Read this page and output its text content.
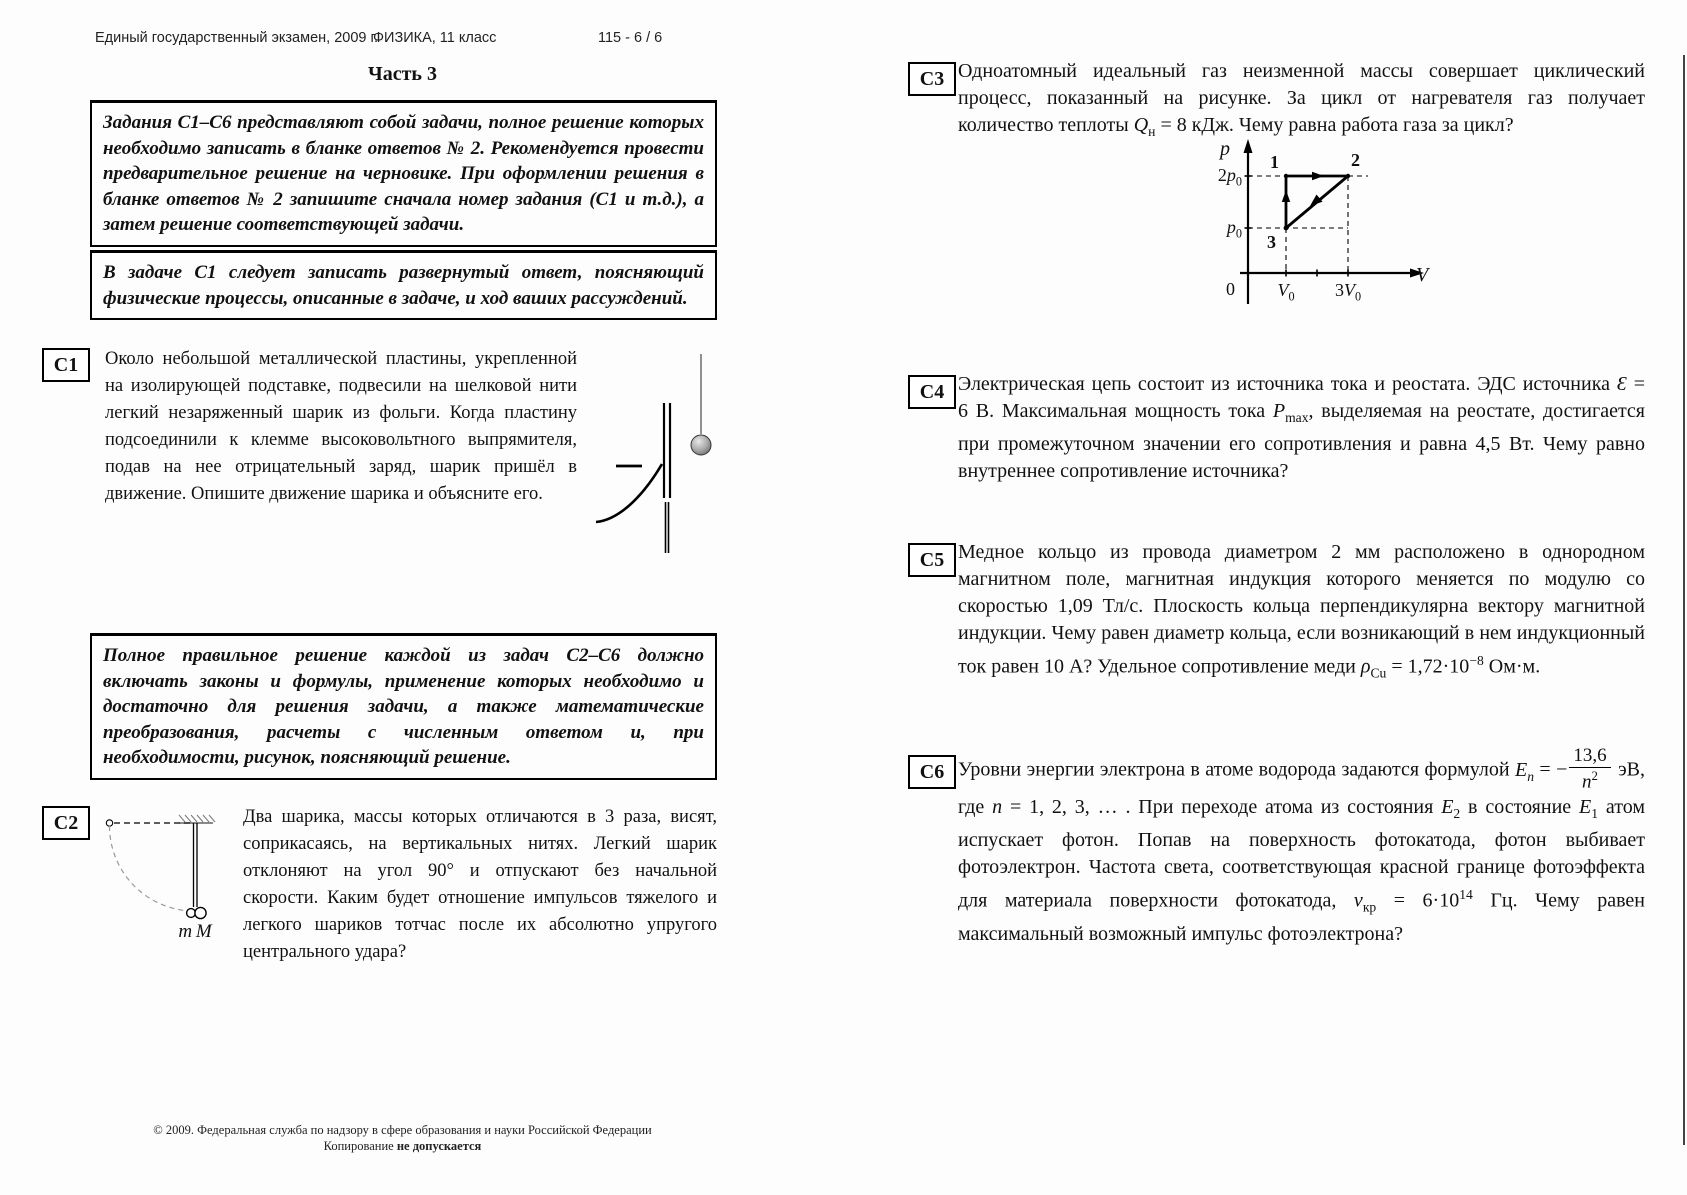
Единый государственный экзамен, 2009 г.
ФИЗИКА, 11 класс	115 - 6 / 6
Часть 3
Задания С1–С6 представляют собой задачи, полное решение которых необходимо записать в бланке ответов № 2. Рекомендуется провести предварительное решение на черновике. При оформлении решения в бланке ответов № 2 запишите сначала номер задания (С1 и т.д.), а затем решение соответствующей задачи.
В задаче С1 следует записать развернутый ответ, поясняющий физические процессы, описанные в задаче, и ход ваших рассуждений.
С1	Около небольшой металлической пластины, укрепленной на изолирующей подставке, подвесили на шелковой нити легкий незаряженный шарик из фольги. Когда пластину подсоединили к клемме высоковольтного выпрямителя, подав на нее отрицательный заряд, шарик пришёл в движение. Опишите движение шарика и объясните его.
Полное правильное решение каждой из задач С2–С6 должно включать законы и формулы, применение которых необходимо и достаточно для решения задачи, а также математические преобразования, расчеты с численным ответом и, при необходимости, рисунок, поясняющий решение.
С2
m  M
Два шарика, массы которых отличаются в 3 раза, висят, соприкасаясь, на вертикальных нитях. Легкий шарик отклоняют на угол 90° и отпускают без начальной скорости. Каким будет отношение импульсов тяжелого и легкого шариков тотчас после их абсолютно упругого центрального удара?
© 2009. Федеральная служба по надзору в сфере образования и науки Российской Федерации
Копирование не допускается
С3 Одноатомный идеальный газ неизменной массы совершает циклический процесс, показанный на рисунке. За цикл от нагревателя газ получает количество теплоты $Q_н = 8$ кДж. Чему равна работа газа за цикл?
p
V
$2p_0$
$p_0$
0	$V_0$	$3V_0$
1	2
3
С4 Электрическая цепь состоит из источника тока и реостата. ЭДС источника Ɛ = 6 В. Максимальная мощность тока $P_{max}$, выделяемая на реостате, достигается при промежуточном значении его сопротивления и равна 4,5 Вт. Чему равно внутреннее сопротивление источника?
С5 Медное кольцо из провода диаметром 2 мм расположено в однородном магнитном поле, магнитная индукция которого меняется по модулю со скоростью 1,09 Тл/с. Плоскость кольца перпендикулярна вектору магнитной индукции. Чему равен диаметр кольца, если возникающий в нем индукционный ток равен 10 А? Удельное сопротивление меди $\rho_{Cu} = 1,72\cdot 10^{-8}$ Ом·м.
С6 Уровни энергии электрона в атоме водорода задаются формулой $E_n$ = − $\frac{13,6}{n^2}$ эВ, где n = 1, 2, 3, … . При переходе атома из состояния $E_2$ в состояние $E_1$ атом испускает фотон. Попав на поверхность фотокатода, фотон выбивает фотоэлектрон. Частота света, соответствующая красной границе фотоэффекта для материала поверхности фотокатода, $\nu_{кр} = 6\cdot 10^{14}$ Гц. Чему равен максимальный возможный импульс фотоэлектрона?
